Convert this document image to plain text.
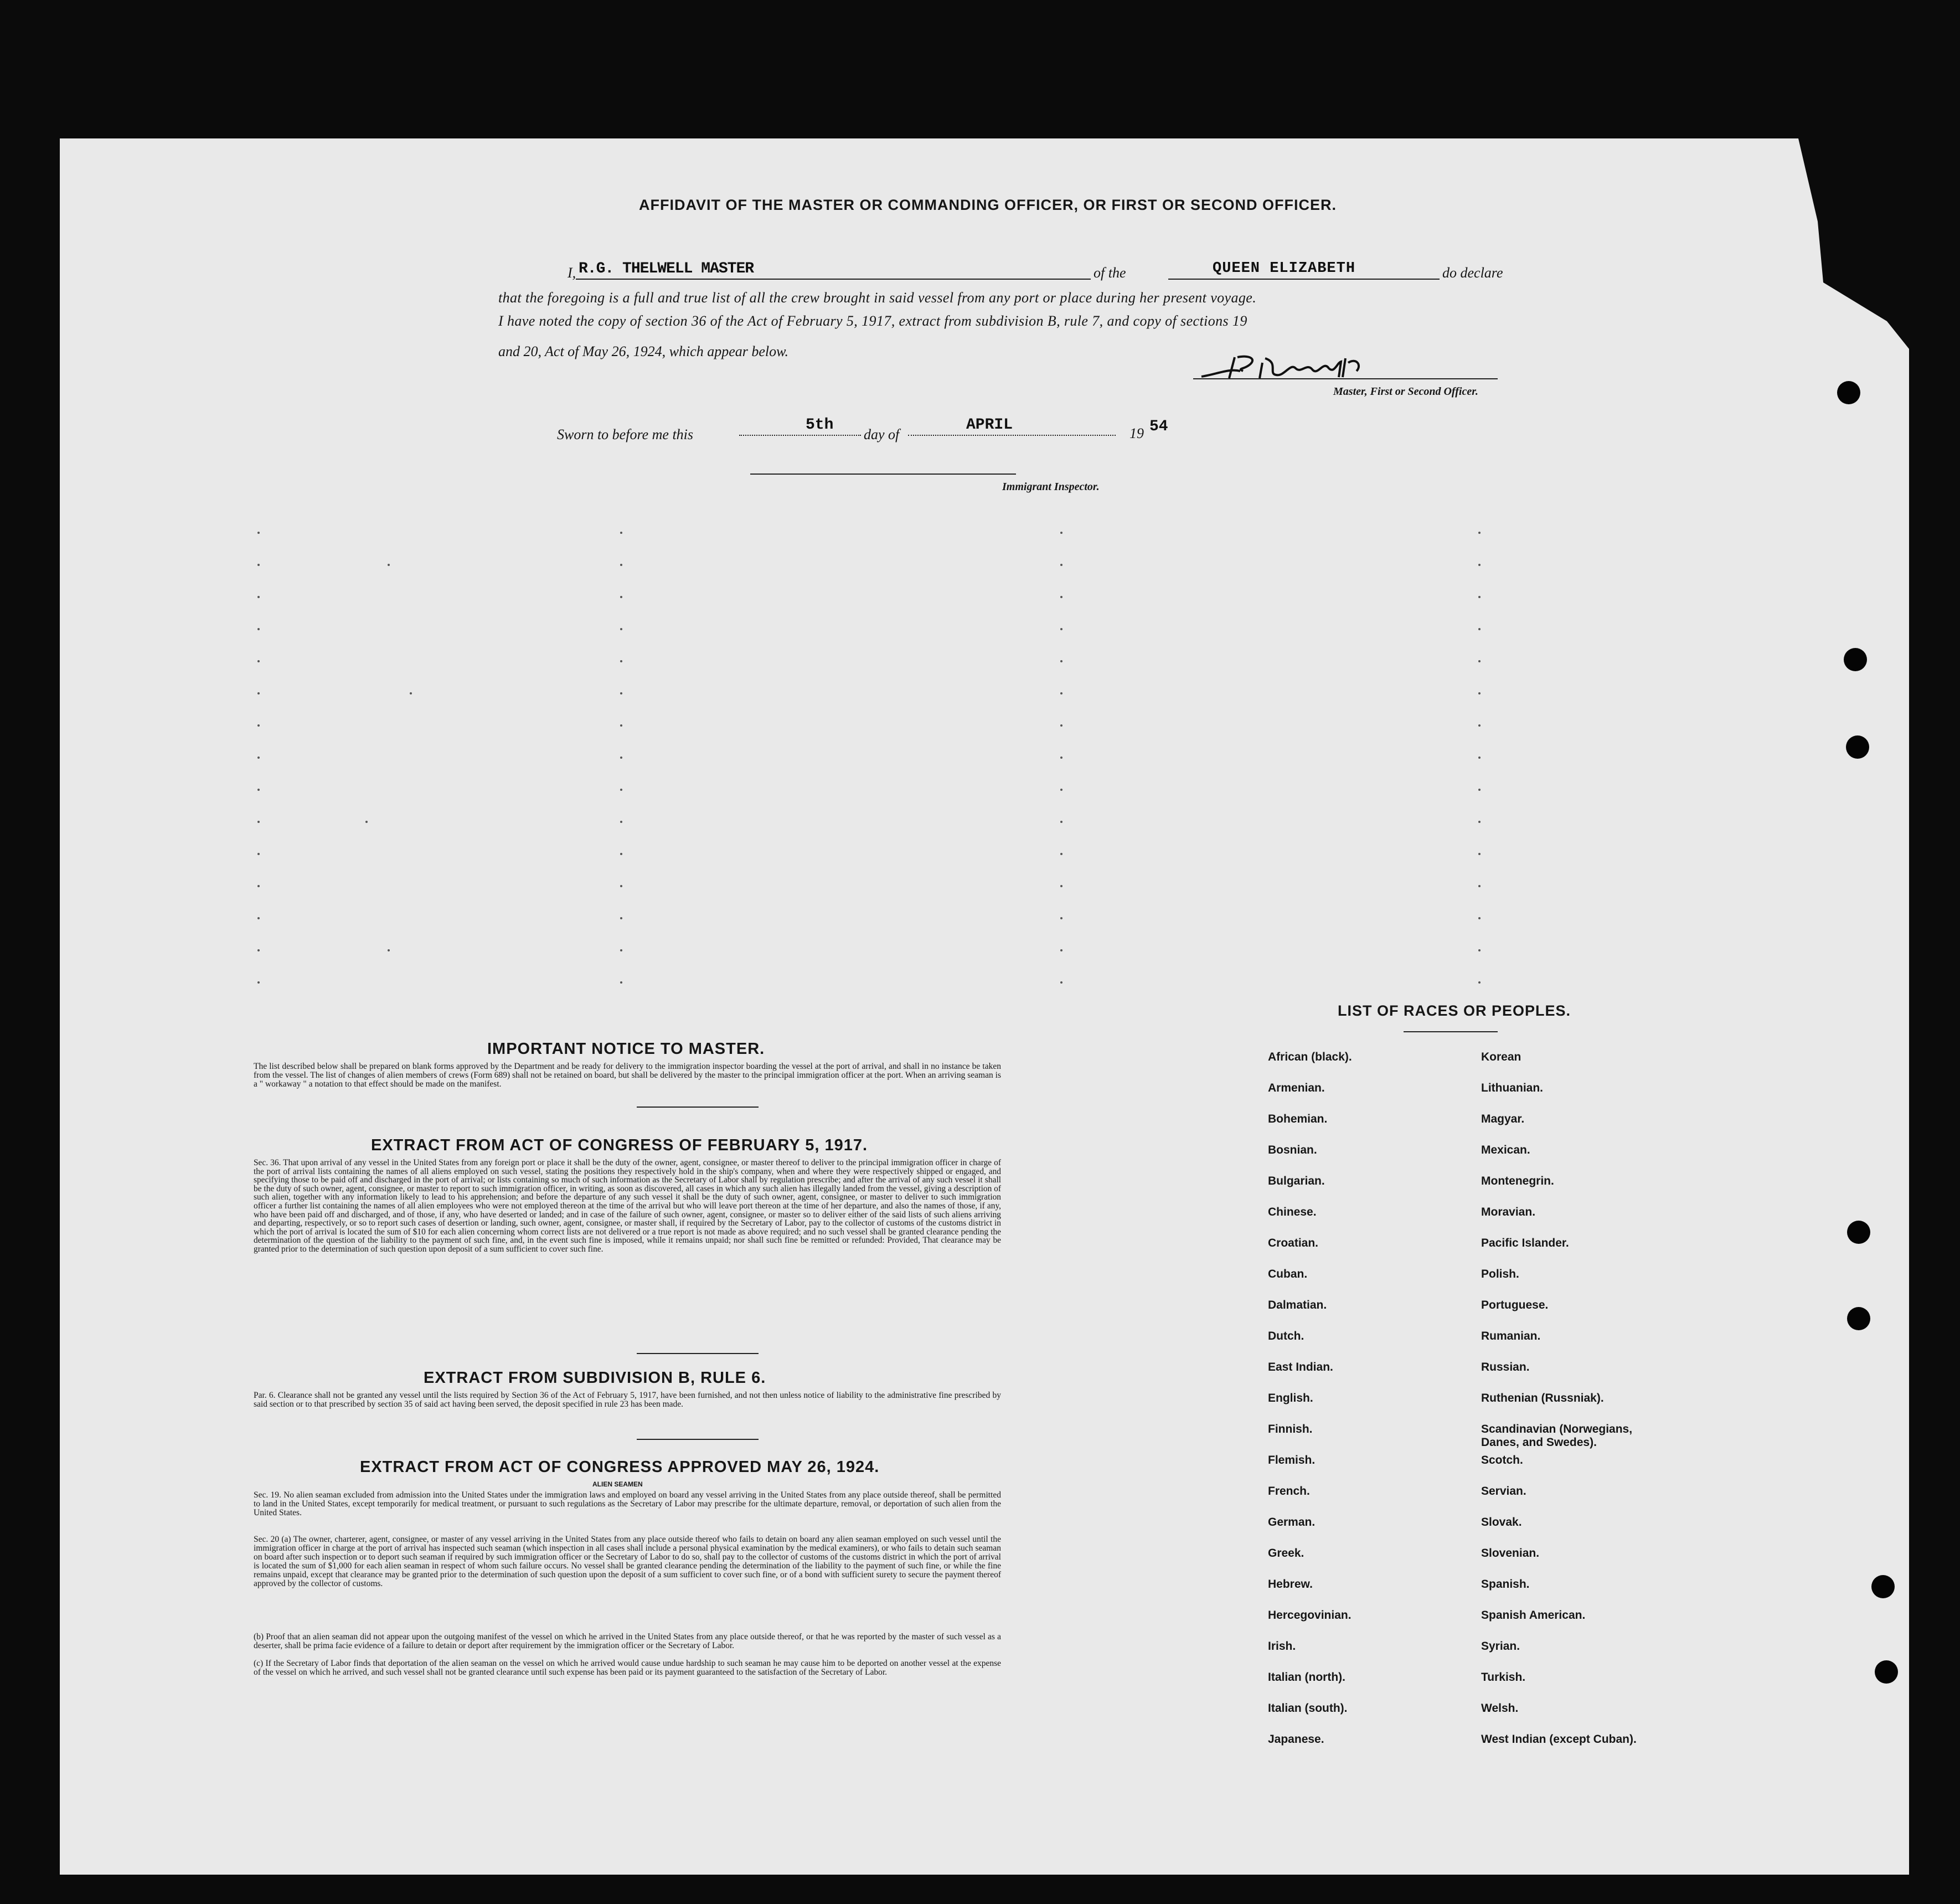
AFFIDAVIT OF THE MASTER OR COMMANDING OFFICER, OR FIRST OR SECOND OFFICER.
I, R.G. THELWELL MASTER	of the	QUEEN ELIZABETH	do declare
that the foregoing is a full and true list of all the crew brought in said vessel from any port or place during her present voyage.
I have noted the copy of section 36 of the Act of February 5, 1917, extract from subdivision B, rule 7, and copy of sections 19
and 20, Act of May 26, 1924, which appear below.
Master, First or Second Officer.
Sworn to before me this
5th
day of
APRIL	19 54
Immigrant Inspector.
IMPORTANT NOTICE TO MASTER.
The list described below shall be prepared on blank forms approved by the Department and be ready for delivery to the immigration inspector boarding the vessel at the port of arrival, and shall in no instance be taken from the vessel. The list of changes of alien members of crews (Form 689) shall not be retained on board, but shall be delivered by the master to the principal immigration officer at the port. When an arriving seaman is a " workaway " a notation to that effect should be made on the manifest.
EXTRACT FROM ACT OF CONGRESS OF FEBRUARY 5, 1917.
Sec. 36. That upon arrival of any vessel in the United States from any foreign port or place it shall be the duty of the owner, agent, consignee, or master thereof to deliver to the principal immigration officer in charge of the port of arrival lists containing the names of all aliens employed on such vessel, stating the positions they respectively hold in the ship's company, when and where they were respectively shipped or engaged, and specifying those to be paid off and discharged in the port of arrival; or lists containing so much of such information as the Secretary of Labor shall by regulation prescribe; and after the arrival of any such vessel it shall be the duty of such owner, agent, consignee, or master to report to such immigration officer, in writing, as soon as discovered, all cases in which any such alien has illegally landed from the vessel, giving a description of such alien, together with any information likely to lead to his apprehension; and before the departure of any such vessel it shall be the duty of such owner, agent, consignee, or master to deliver to such immigration officer a further list containing the names of all alien employees who were not employed thereon at the time of the arrival but who will leave port thereon at the time of her departure, and also the names of those, if any, who have been paid off and discharged, and of those, if any, who have deserted or landed; and in case of the failure of such owner, agent, consignee, or master so to deliver either of the said lists of such aliens arriving and departing, respectively, or so to report such cases of desertion or landing, such owner, agent, consignee, or master shall, if required by the Secretary of Labor, pay to the collector of customs of the customs district in which the port of arrival is located the sum of $10 for each alien concerning whom correct lists are not delivered or a true report is not made as above required; and no such vessel shall be granted clearance pending the determination of the question of the liability to the payment of such fine, and, in the event such fine is imposed, while it remains unpaid; nor shall such fine be remitted or refunded: Provided, That clearance may be granted prior to the determination of such question upon deposit of a sum sufficient to cover such fine.
EXTRACT FROM SUBDIVISION B, RULE 6.
Par. 6. Clearance shall not be granted any vessel until the lists required by Section 36 of the Act of February 5, 1917, have been furnished, and not then unless notice of liability to the administrative fine prescribed by said section or to that prescribed by section 35 of said act having been served, the deposit specified in rule 23 has been made.
EXTRACT FROM ACT OF CONGRESS APPROVED MAY 26, 1924.
ALIEN SEAMEN
Sec. 19. No alien seaman excluded from admission into the United States under the immigration laws and employed on board any vessel arriving in the United States from any place outside thereof, shall be permitted to land in the United States, except temporarily for medical treatment, or pursuant to such regulations as the Secretary of Labor may prescribe for the ultimate departure, removal, or deportation of such alien from the United States.
Sec. 20 (a) The owner, charterer, agent, consignee, or master of any vessel arriving in the United States from any place outside thereof who fails to detain on board any alien seaman employed on such vessel until the immigration officer in charge at the port of arrival has inspected such seaman (which inspection in all cases shall include a personal physical examination by the medical examiners), or who fails to detain such seaman on board after such inspection or to deport such seaman if required by such immigration officer or the Secretary of Labor to do so, shall pay to the collector of customs of the customs district in which the port of arrival is located the sum of $1,000 for each alien seaman in respect of whom such failure occurs. No vessel shall be granted clearance pending the determination of the liability to the payment of such fine, or while the fine remains unpaid, except that clearance may be granted prior to the determination of such question upon the deposit of a sum sufficient to cover such fine, or of a bond with sufficient surety to secure the payment thereof approved by the collector of customs.
(b) Proof that an alien seaman did not appear upon the outgoing manifest of the vessel on which he arrived in the United States from any place outside thereof, or that he was reported by the master of such vessel as a deserter, shall be prima facie evidence of a failure to detain or deport after requirement by the immigration officer or the Secretary of Labor.
(c) If the Secretary of Labor finds that deportation of the alien seaman on the vessel on which he arrived would cause undue hardship to such seaman he may cause him to be deported on another vessel at the expense of the vessel on which he arrived, and such vessel shall not be granted clearance until such expense has been paid or its payment guaranteed to the satisfaction of the Secretary of Labor.
LIST OF RACES OR PEOPLES.
African (black).
Armenian.
Bohemian.
Bosnian.
Bulgarian.
Chinese.
Croatian.
Cuban.
Dalmatian.
Dutch.
East Indian.
English.
Finnish.
Flemish.
French.
German.
Greek.
Hebrew.
Hercegovinian.
Irish.
Italian (north).
Italian (south).
Japanese.
Korean
Lithuanian.
Magyar.
Mexican.
Montenegrin.
Moravian.
Pacific Islander.
Polish.
Portuguese.
Rumanian.
Russian.
Ruthenian (Russniak).
Scandinavian (Norwegians, Danes, and Swedes).
Scotch.
Servian.
Slovak.
Slovenian.
Spanish.
Spanish American.
Syrian.
Turkish.
Welsh.
West Indian (except Cuban).
